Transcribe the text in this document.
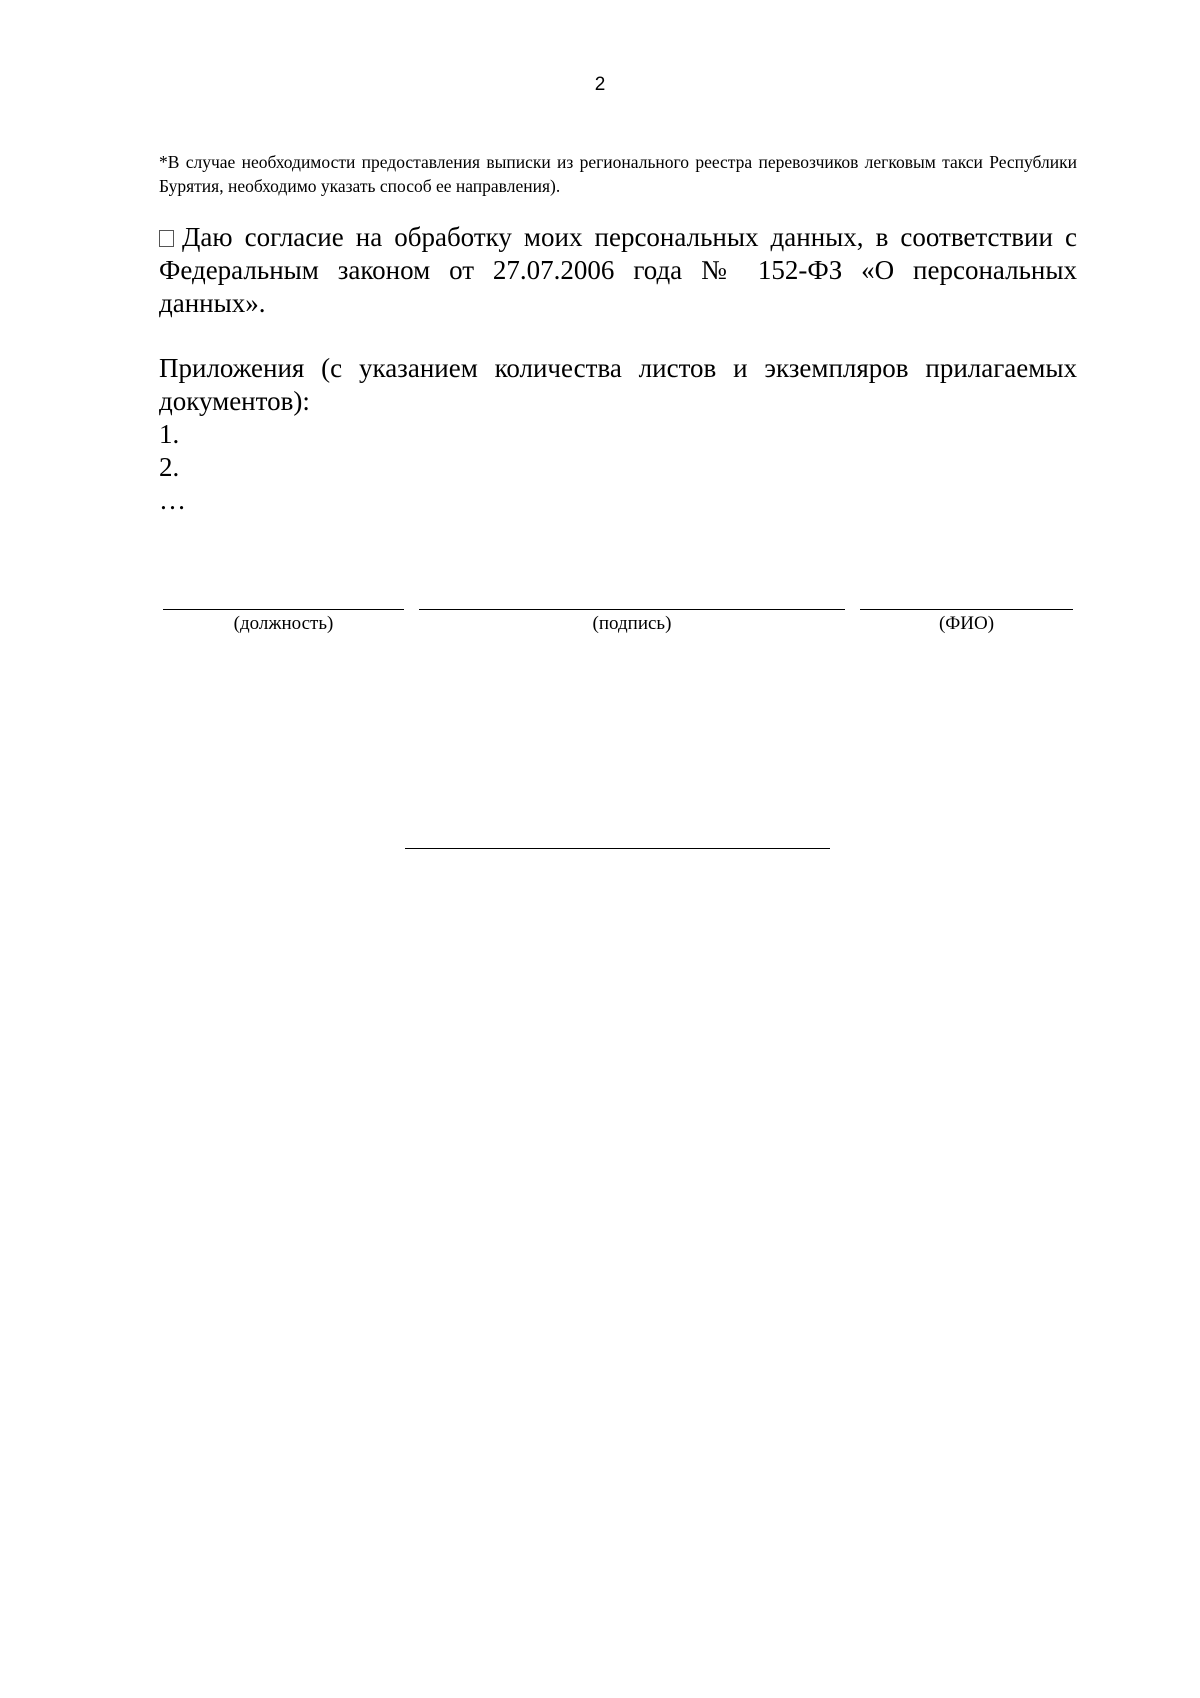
2
*В случае необходимости предоставления выписки из регионального реестра перевозчиков легковым такси Республики Бурятия, необходимо указать способ ее направления).
Даю согласие на обработку моих персональных данных, в соответствии с Федеральным законом от 27.07.2006 года № 152-ФЗ «О персональных данных».
Приложения (с указанием количества листов и экземпляров прилагаемых документов):
1.
2.
…
(должность)	(подпись)	(ФИО)
